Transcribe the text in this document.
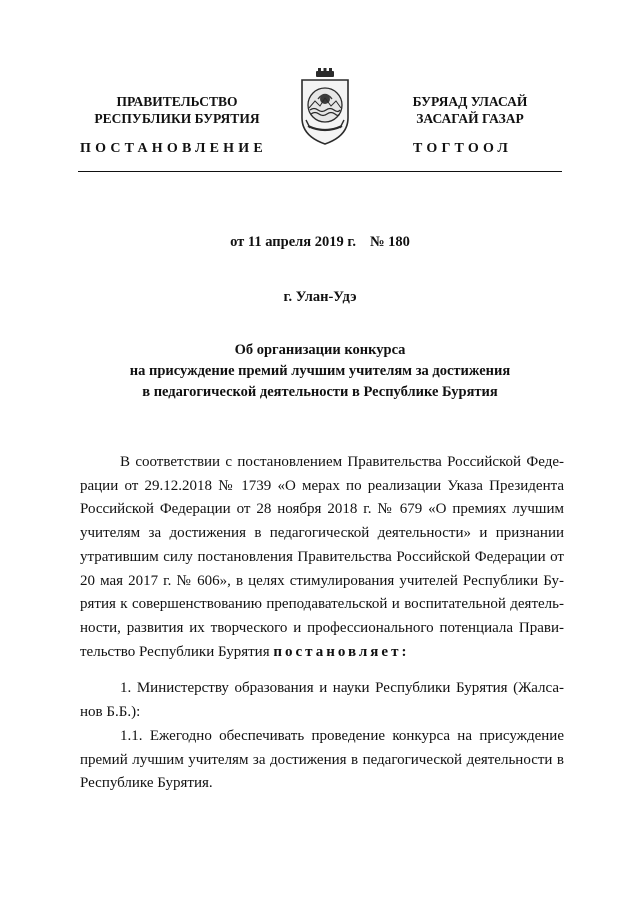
ПРАВИТЕЛЬСТВО
РЕСПУБЛИКИ БУРЯТИЯ
БУРЯАД УЛАСАЙ
ЗАСАГАЙ ГАЗАР
ПОСТАНОВЛЕНИЕ	ТОГТООЛ
от 11 апреля 2019 г. № 180
г. Улан-Удэ
Об организации конкурса
на присуждение премий лучшим учителям за достижения
в педагогической деятельности в Республике Бурятия
В соответствии с постановлением Правительства Российской Федерации от 29.12.2018 № 1739 «О мерах по реализации Указа Президента Российской Федерации от 28 ноября 2018 г. № 679 «О премиях лучшим учителям за достижения в педагогической деятельности» и признании утратившим силу постановления Правительства Российской Федерации от 20 мая 2017 г. № 606», в целях стимулирования учителей Республики Бурятия к совершенствованию преподавательской и воспитательной деятельности, развития их творческого и профессионального потенциала Правительство Республики Бурятия постановляет:
1. Министерству образования и науки Республики Бурятия (Жалсанов Б.Б.):
1.1. Ежегодно обеспечивать проведение конкурса на присуждение премий лучшим учителям за достижения в педагогической деятельности в Республике Бурятия.
